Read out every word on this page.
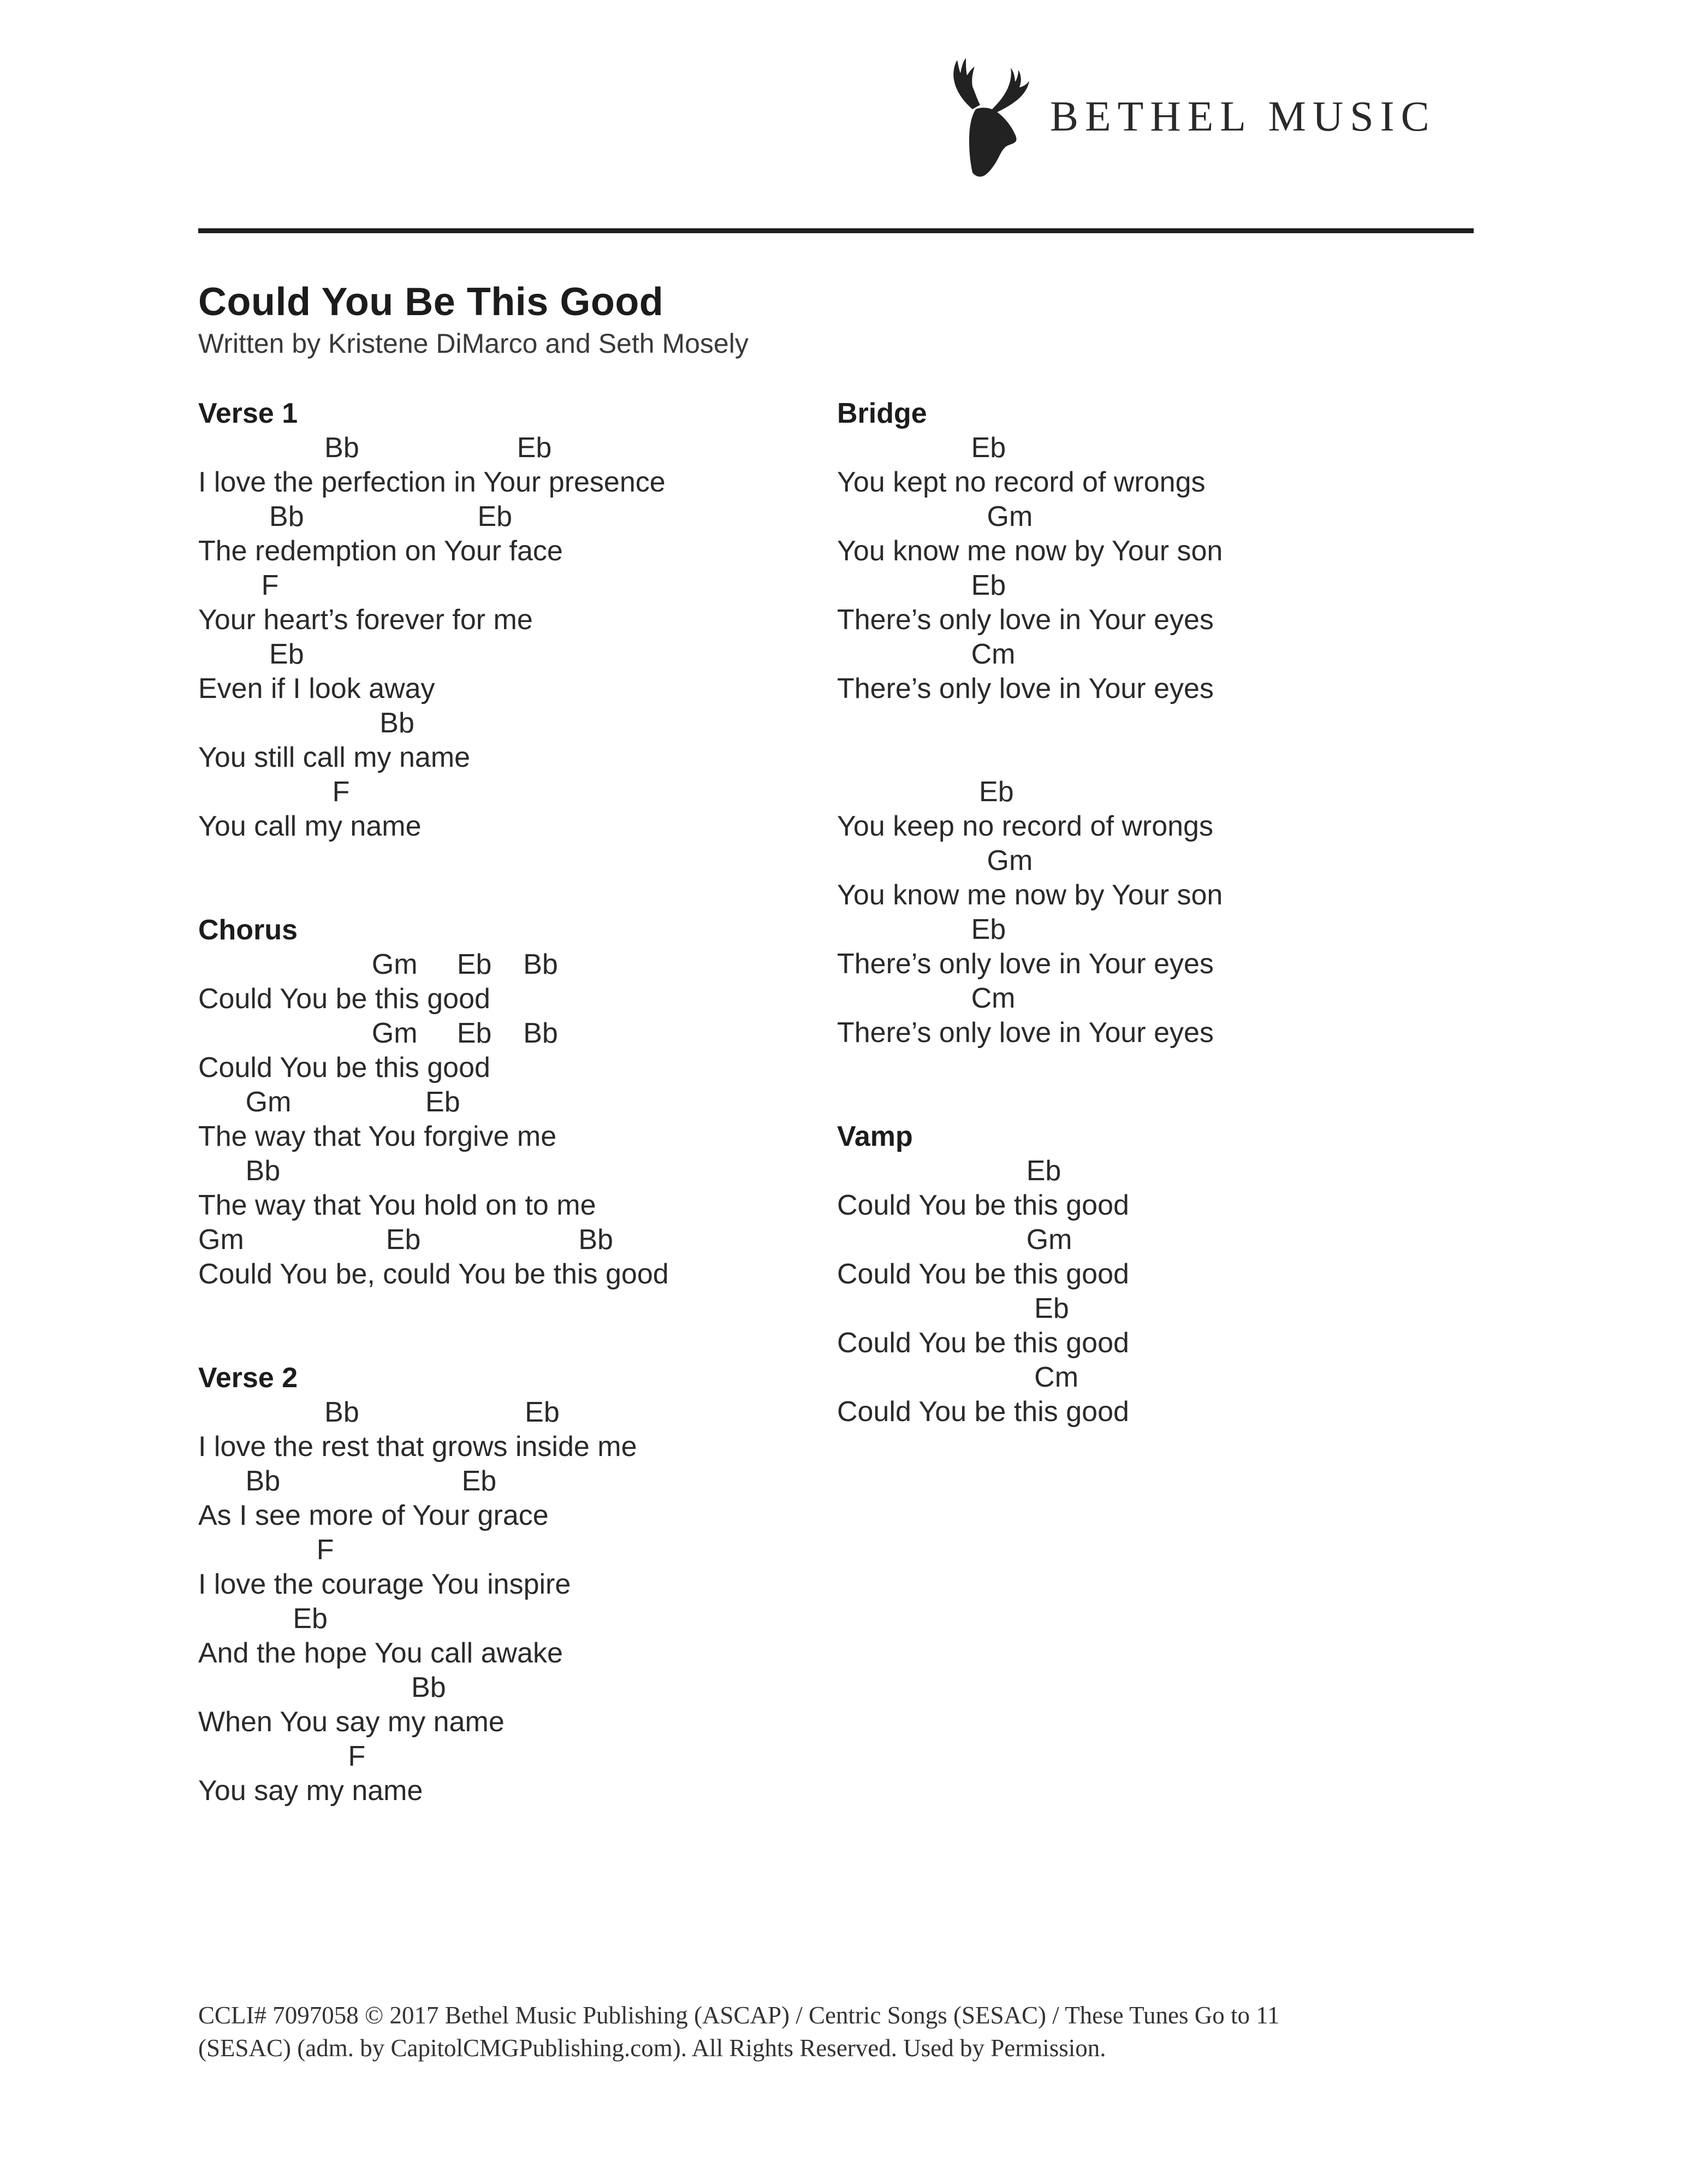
BETHEL MUSIC
Could You Be This Good
Written by Kristene DiMarco and Seth Mosely
Verse 1
Bb                    Eb
I love the perfection in Your presence
Bb                      Eb
The redemption on Your face
F
Your heart’s forever for me
Eb
Even if I look away
Bb
You still call my name
F
You call my name
Chorus
Gm     Eb    Bb
Could You be this good
Gm     Eb    Bb
Could You be this good
Gm                 Eb
The way that You forgive me
Bb
The way that You hold on to me
Gm                  Eb                    Bb
Could You be, could You be this good
Verse 2
Bb                     Eb
I love the rest that grows inside me
Bb                       Eb
As I see more of Your grace
F
I love the courage You inspire
Eb
And the hope You call awake
Bb
When You say my name
F
You say my name
Bridge
Eb
You kept no record of wrongs
Gm
You know me now by Your son
Eb
There’s only love in Your eyes
Cm
There’s only love in Your eyes
Eb
You keep no record of wrongs
Gm
You know me now by Your son
Eb
There’s only love in Your eyes
Cm
There’s only love in Your eyes
Vamp
Eb
Could You be this good
Gm
Could You be this good
Eb
Could You be this good
Cm
Could You be this good
CCLI# 7097058 © 2017 Bethel Music Publishing (ASCAP) / Centric Songs (SESAC) / These Tunes Go to 11
(SESAC) (adm. by CapitolCMGPublishing.com). All Rights Reserved. Used by Permission.
